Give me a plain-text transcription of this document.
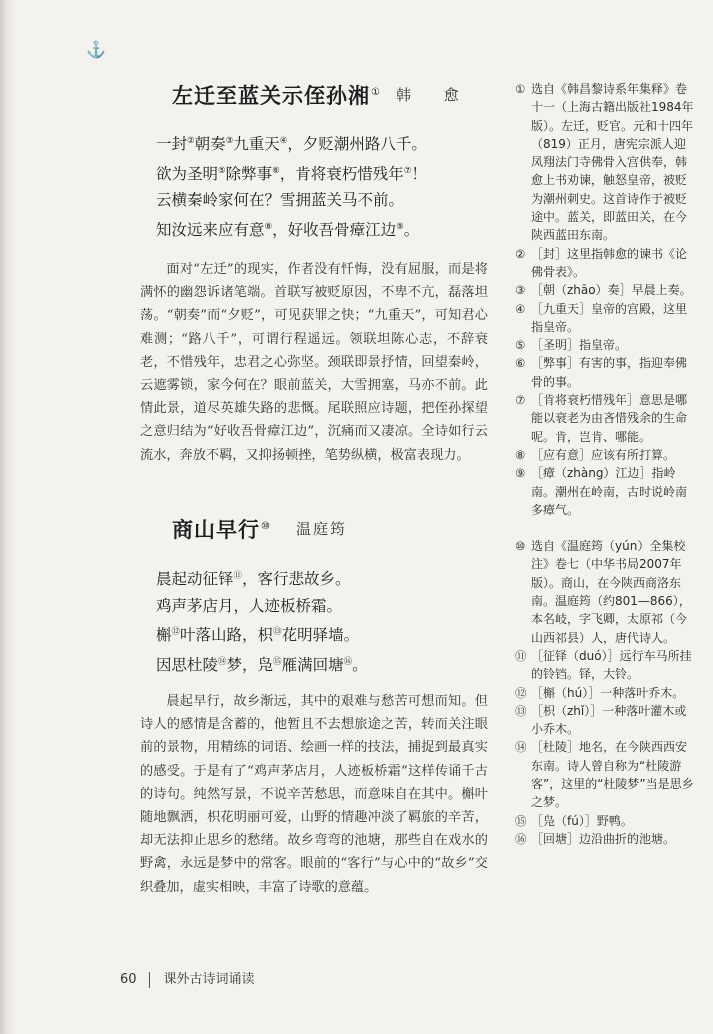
⚓
左迁至蓝关示侄孙湘① 韩 愈

一封②朝奏③九重天④，夕贬潮州路八千。

欲为圣明⑤除弊事⑥，肯将衰朽惜残年⑦！

云横秦岭家何在？雪拥蓝关马不前。

知汝远来应有意⑧，好收吾骨瘴江边⑨。

面对“左迁”的现实，作者没有忏悔，没有屈服，而是将满怀的幽怨诉诸笔端。首联写被贬原因，不卑不亢，磊落坦荡。“朝奏”而“夕贬”，可见获罪之快；“九重天”，可知君心难测；“路八千”，可谓行程遥远。领联坦陈心志，不辞衰老，不惜残年，忠君之心弥坚。颈联即景抒情，回望秦岭，云遮雾锁，家今何在？眼前蓝关，大雪拥塞，马亦不前。此情此景，道尽英雄失路的悲慨。尾联照应诗题，把侄孙探望之意归结为“好收吾骨瘴江边”，沉痛而又凄凉。全诗如行云流水，奔放不羁，又抑扬顿挫，笔势纵横，极富表现力。

商山早行⑩ 温庭筠

晨起动征铎⑪，客行悲故乡。

鸡声茅店月，人迹板桥霜。

槲⑫叶落山路，枳⑬花明驿墙。

因思杜陵⑭梦，凫⑮雁满回塘⑯。

晨起早行，故乡渐远，其中的艰难与愁苦可想而知。但诗人的感情是含蓄的，他暂且不去想旅途之苦，转而关注眼前的景物，用精练的词语、绘画一样的技法，捕捉到最真实的感受。于是有了“鸡声茅店月，人迹板桥霜”这样传诵千古的诗句。纯然写景，不说辛苦愁思，而意味自在其中。槲叶随地飘洒，枳花明丽可爱，山野的情趣冲淡了羁旅的辛苦，却无法抑止思乡的愁绪。故乡弯弯的池塘，那些自在戏水的野禽，永远是梦中的常客。眼前的“客行”与心中的“故乡”交织叠加，虚实相映，丰富了诗歌的意蕴。

① 选自《韩昌黎诗系年集释》卷十一（上海古籍出版社1984年版）。左迁，贬官。元和十四年（819）正月，唐宪宗派人迎凤翔法门寺佛骨入宫供奉，韩愈上书劝谏，触怒皇帝，被贬为潮州刺史。这首诗作于被贬途中。蓝关，即蓝田关，在今陕西蓝田东南。
② ［封］这里指韩愈的谏书《论佛骨表》。
③ ［朝（zhāo）奏］早晨上奏。
④ ［九重天］皇帝的宫殿，这里指皇帝。
⑤ ［圣明］指皇帝。
⑥ ［弊事］有害的事，指迎奉佛骨的事。
⑦ ［肯将衰朽惜残年］意思是哪能以衰老为由吝惜残余的生命呢。肯，岂肯、哪能。
⑧ ［应有意］应该有所打算。
⑨ ［瘴（zhàng）江边］指岭南。潮州在岭南，古时说岭南多瘴气。
⑩ 选自《温庭筠（yún）全集校注》卷七（中华书局2007年版）。商山，在今陕西商洛东南。温庭筠（约801—866），本名岐，字飞卿，太原祁（今山西祁县）人，唐代诗人。
⑪ ［征铎（duó）］远行车马所挂的铃铛。铎，大铃。
⑫ ［槲（hú）］一种落叶乔木。
⑬ ［枳（zhǐ）］一种落叶灌木或小乔木。
⑭ ［杜陵］地名，在今陕西西安东南。诗人曾自称为“杜陵游客”，这里的“杜陵梦”当是思乡之梦。
⑮ ［凫（fú）］野鸭。
⑯ ［回塘］边沿曲折的池塘。
60 课外古诗词诵读
